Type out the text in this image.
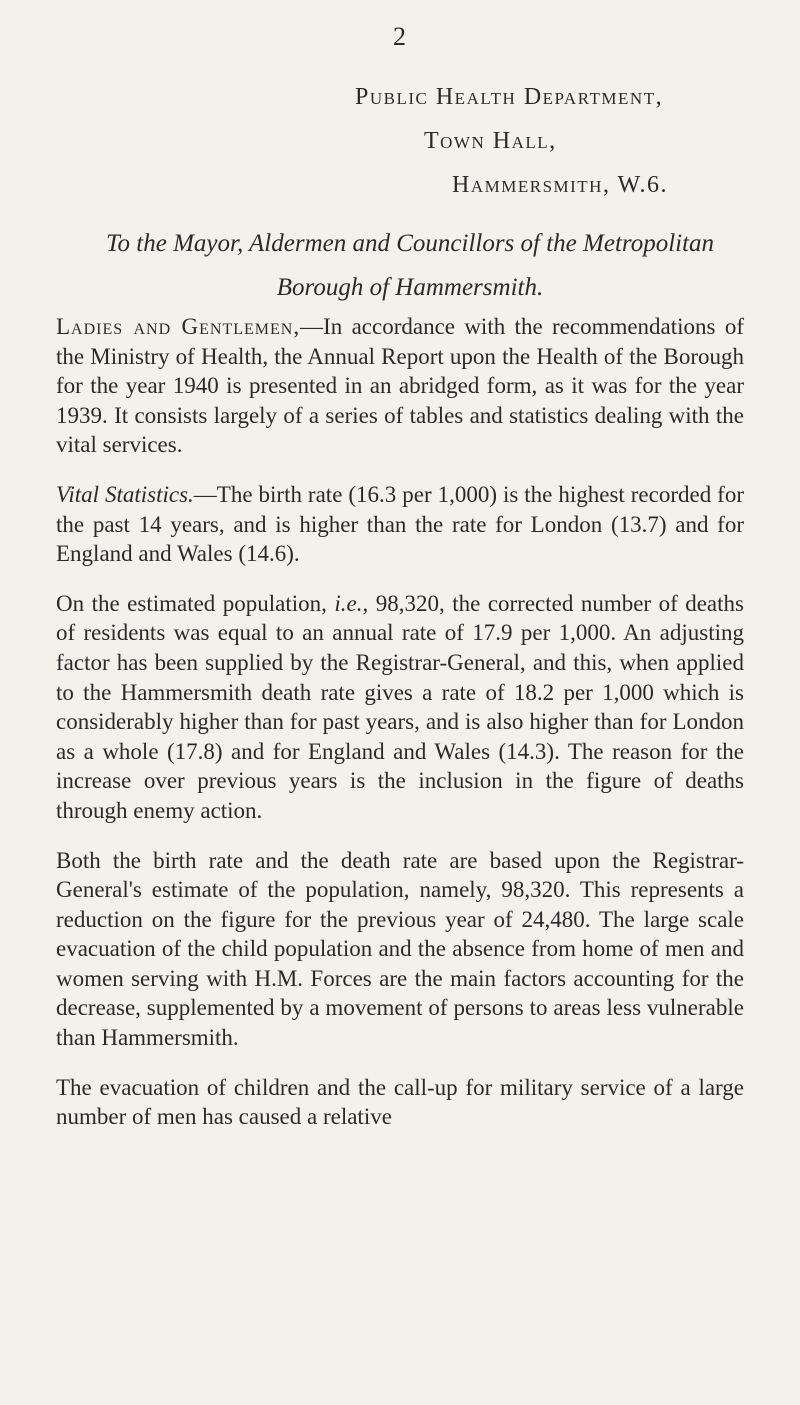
2
Public Health Department,
Town Hall,
Hammersmith, W.6.
To the Mayor, Aldermen and Councillors of the Metropolitan Borough of Hammersmith.

Ladies and Gentlemen,—In accordance with the recommendations of the Ministry of Health, the Annual Report upon the Health of the Borough for the year 1940 is presented in an abridged form, as it was for the year 1939. It consists largely of a series of tables and statistics dealing with the vital services.

Vital Statistics.—The birth rate (16.3 per 1,000) is the highest recorded for the past 14 years, and is higher than the rate for London (13.7) and for England and Wales (14.6).

On the estimated population, i.e., 98,320, the corrected number of deaths of residents was equal to an annual rate of 17.9 per 1,000. An adjusting factor has been supplied by the Registrar-General, and this, when applied to the Hammersmith death rate gives a rate of 18.2 per 1,000 which is considerably higher than for past years, and is also higher than for London as a whole (17.8) and for England and Wales (14.3). The reason for the increase over previous years is the inclusion in the figure of deaths through enemy action.

Both the birth rate and the death rate are based upon the Registrar-General's estimate of the population, namely, 98,320. This represents a reduction on the figure for the previous year of 24,480. The large scale evacuation of the child population and the absence from home of men and women serving with H.M. Forces are the main factors accounting for the decrease, supplemented by a movement of persons to areas less vulnerable than Hammersmith.

The evacuation of children and the call-up for military service of a large number of men has caused a relative
